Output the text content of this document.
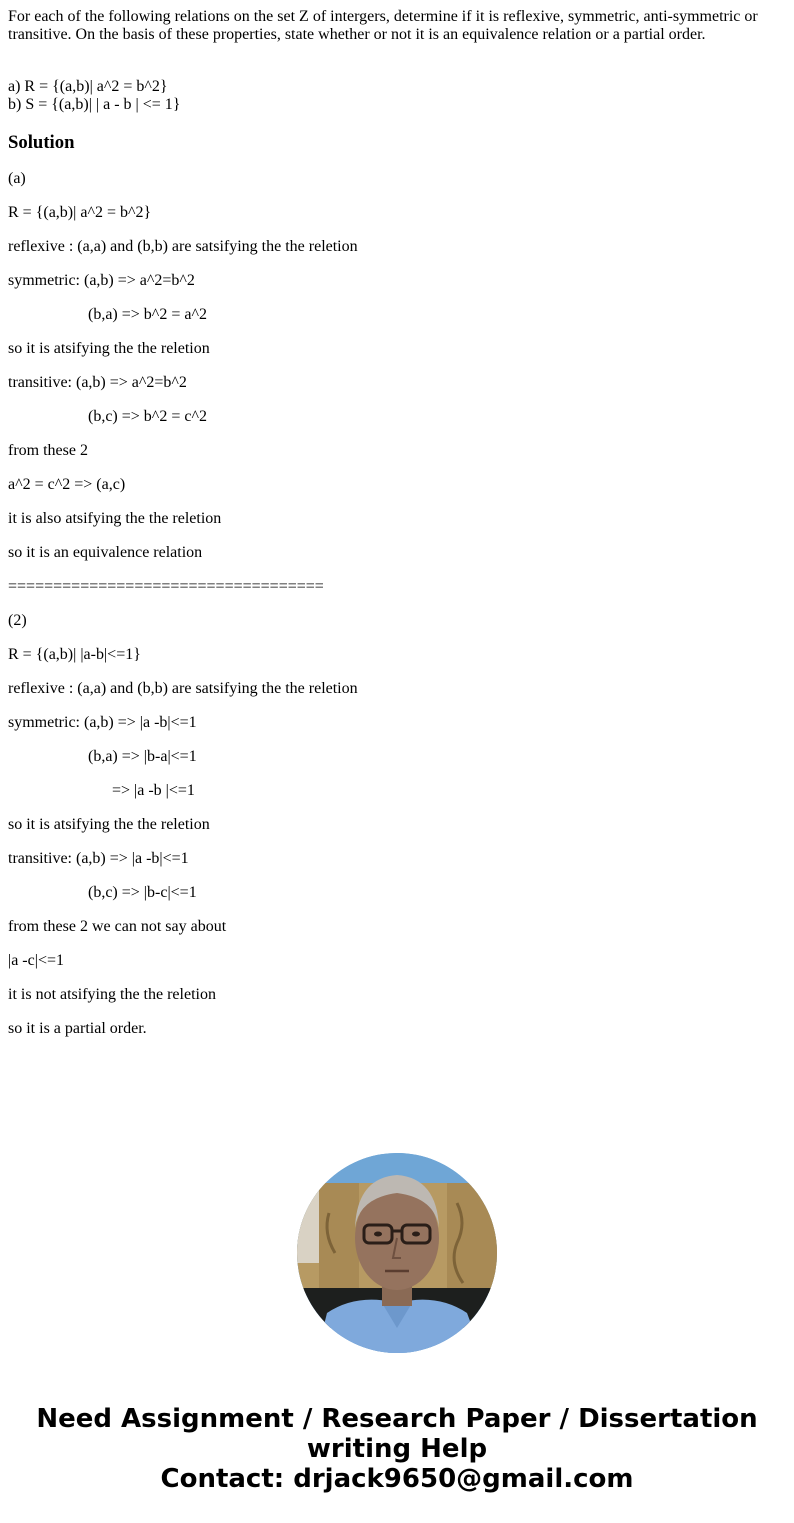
For each of the following relations on the set Z of intergers, determine if it is reflexive, symmetric, anti-symmetric or
transitive. On the basis of these properties, state whether or not it is an equivalence relation or a partial order.
a) R = {(a,b)| a^2 = b^2}
b) S = {(a,b)| | a - b | <= 1}
Solution

(a)

R = {(a,b)| a^2 = b^2}

reflexive : (a,a) and (b,b) are satsifying the the reletion

symmetric: (a,b) => a^2=b^2

(b,a) => b^2 = a^2

so it is atsifying the the reletion

transitive: (a,b) => a^2=b^2

(b,c) => b^2 = c^2

from these 2

a^2 = c^2 => (a,c)

it is also atsifying the the reletion

so it is an equivalence relation

===================================

(2)

R = {(a,b)| |a-b|<=1}

reflexive : (a,a) and (b,b) are satsifying the the reletion

symmetric: (a,b) => |a -b|<=1

(b,a) => |b-a|<=1

=> |a -b |<=1

so it is atsifying the the reletion

transitive: (a,b) => |a -b|<=1

(b,c) => |b-c|<=1

from these 2 we can not say about

|a -c|<=1

it is not atsifying the the reletion

so it is a partial order.

Need Assignment / Research Paper / Dissertation
writing Help
Contact: drjack9650@gmail.com
